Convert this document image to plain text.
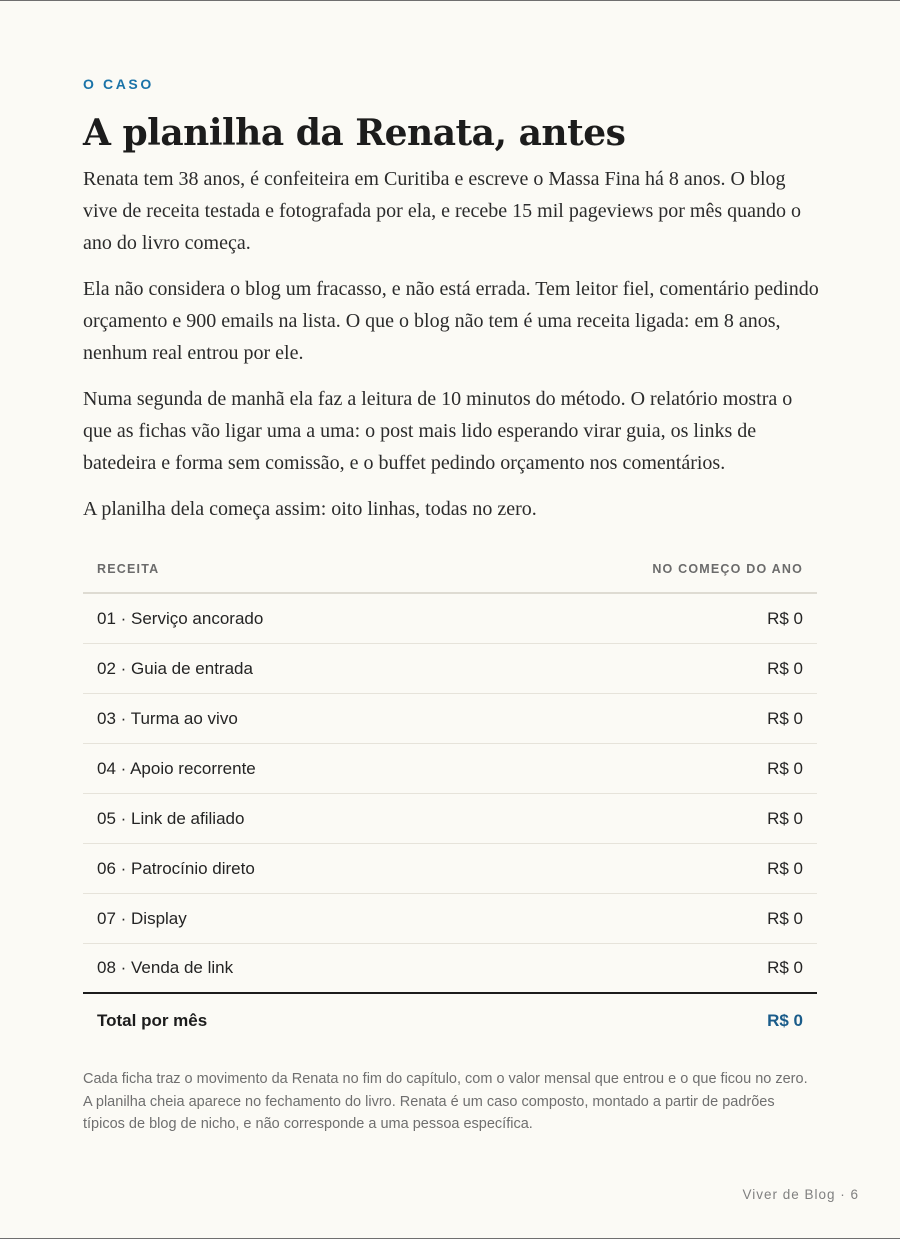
O CASO
A planilha da Renata, antes

Renata tem 38 anos, é confeiteira em Curitiba e escreve o Massa Fina há 8 anos. O blog vive de receita testada e fotografada por ela, e recebe 15 mil pageviews por mês quando o ano do livro começa.

Ela não considera o blog um fracasso, e não está errada. Tem leitor fiel, comentário pedindo orçamento e 900 emails na lista. O que o blog não tem é uma receita ligada: em 8 anos, nenhum real entrou por ele.

Numa segunda de manhã ela faz a leitura de 10 minutos do método. O relatório mostra o que as fichas vão ligar uma a uma: o post mais lido esperando virar guia, os links de batedeira e forma sem comissão, e o buffet pedindo orçamento nos comentários.

A planilha dela começa assim: oito linhas, todas no zero.

RECEITA	NO COMEÇO DO ANO
01 · Serviço ancorado	R$ 0
02 · Guia de entrada	R$ 0
03 · Turma ao vivo	R$ 0
04 · Apoio recorrente	R$ 0
05 · Link de afiliado	R$ 0
06 · Patrocínio direto	R$ 0
07 · Display	R$ 0
08 · Venda de link	R$ 0
Total por mês	R$ 0
Cada ficha traz o movimento da Renata no fim do capítulo, com o valor mensal que entrou e o que ficou no zero. A planilha cheia aparece no fechamento do livro. Renata é um caso composto, montado a partir de padrões típicos de blog de nicho, e não corresponde a uma pessoa específica.
Viver de Blog · 6
